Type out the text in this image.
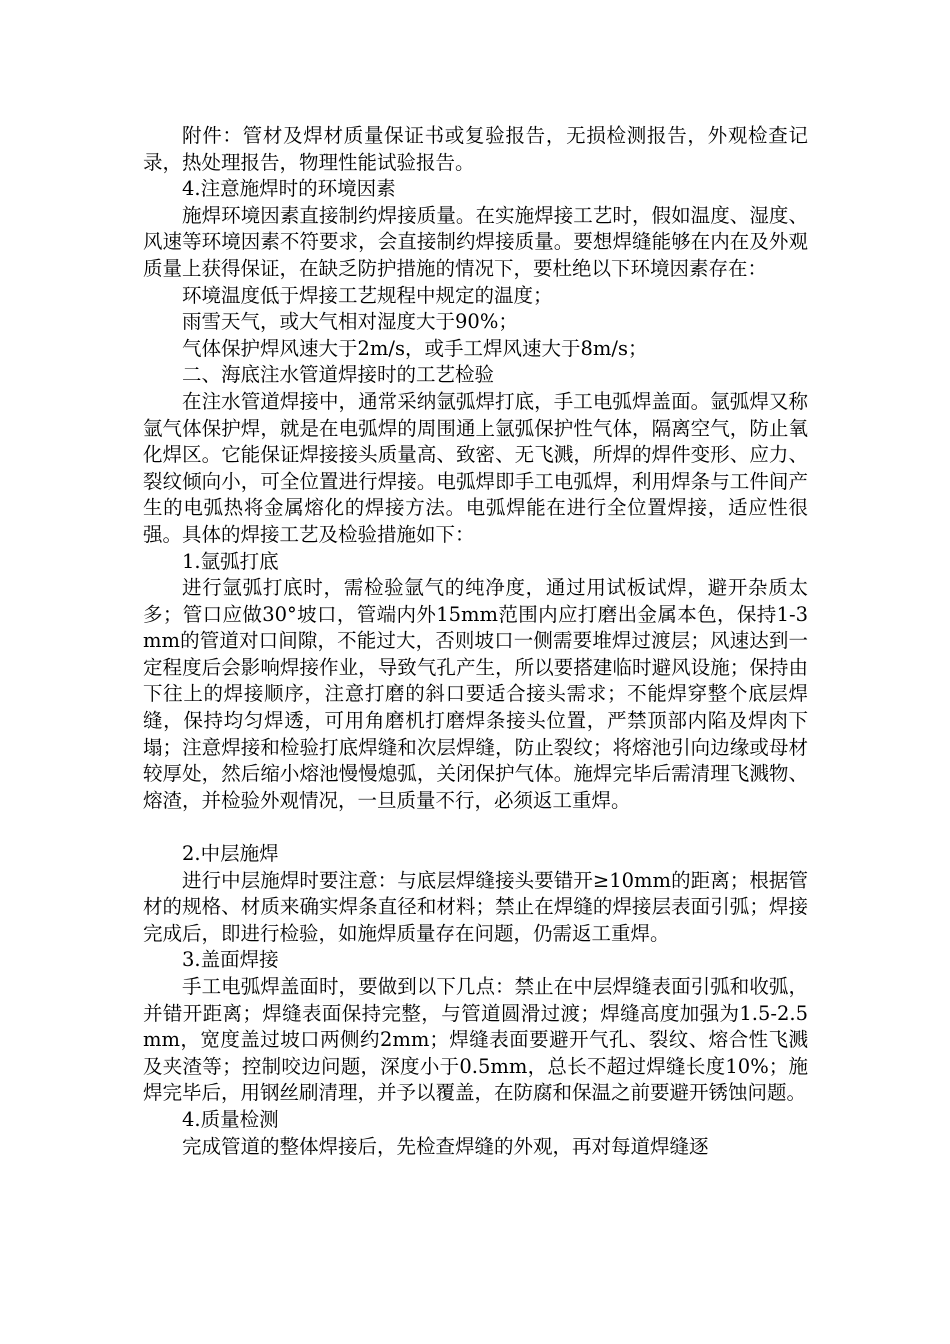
附件：管材及焊材质量保证书或复验报告，无损检测报告，外观检查记录，热处理报告，物理性能试验报告。

4.注意施焊时的环境因素

施焊环境因素直接制约焊接质量。在实施焊接工艺时，假如温度、湿度、风速等环境因素不符要求，会直接制约焊接质量。要想焊缝能够在内在及外观质量上获得保证，在缺乏防护措施的情况下，要杜绝以下环境因素存在：

环境温度低于焊接工艺规程中规定的温度；

雨雪天气，或大气相对湿度大于90%；

气体保护焊风速大于2m/s，或手工焊风速大于8m/s；

二、海底注水管道焊接时的工艺检验

在注水管道焊接中，通常采纳氩弧焊打底，手工电弧焊盖面。氩弧焊又称氩气体保护焊，就是在电弧焊的周围通上氩弧保护性气体，隔离空气，防止氧化焊区。它能保证焊接接头质量高、致密、无飞溅，所焊的焊件变形、应力、裂纹倾向小，可全位置进行焊接。电弧焊即手工电弧焊，利用焊条与工件间产生的电弧热将金属熔化的焊接方法。电弧焊能在进行全位置焊接，适应性很强。具体的焊接工艺及检验措施如下：

1.氩弧打底

进行氩弧打底时，需检验氩气的纯净度，通过用试板试焊，避开杂质太多；管口应做30°坡口，管端内外15mm范围内应打磨出金属本色，保持1-3mm的管道对口间隙，不能过大，否则坡口一侧需要堆焊过渡层；风速达到一定程度后会影响焊接作业，导致气孔产生，所以要搭建临时避风设施；保持由下往上的焊接顺序，注意打磨的斜口要适合接头需求；不能焊穿整个底层焊缝，保持均匀焊透，可用角磨机打磨焊条接头位置，严禁顶部内陷及焊肉下塌；注意焊接和检验打底焊缝和次层焊缝，防止裂纹；将熔池引向边缘或母材较厚处，然后缩小熔池慢慢熄弧，关闭保护气体。施焊完毕后需清理飞溅物、熔渣，并检验外观情况，一旦质量不行，必须返工重焊。

2.中层施焊

进行中层施焊时要注意：与底层焊缝接头要错开≥10mm的距离；根据管材的规格、材质来确实焊条直径和材料；禁止在焊缝的焊接层表面引弧；焊接完成后，即进行检验，如施焊质量存在问题，仍需返工重焊。

3.盖面焊接

手工电弧焊盖面时，要做到以下几点：禁止在中层焊缝表面引弧和收弧，并错开距离；焊缝表面保持完整，与管道圆滑过渡；焊缝高度加强为1.5-2.5mm，宽度盖过坡口两侧约2mm；焊缝表面要避开气孔、裂纹、熔合性飞溅及夹渣等；控制咬边问题，深度小于0.5mm，总长不超过焊缝长度10%；施焊完毕后，用钢丝刷清理，并予以覆盖，在防腐和保温之前要避开锈蚀问题。

4.质量检测

完成管道的整体焊接后，先检查焊缝的外观，再对每道焊缝逐
